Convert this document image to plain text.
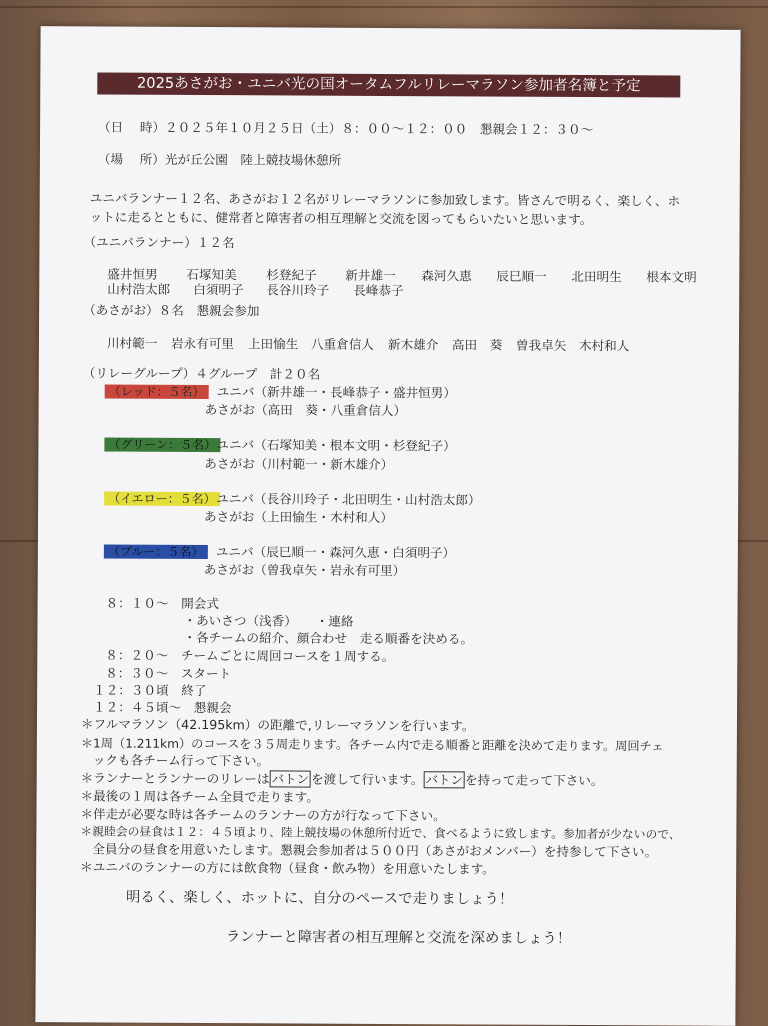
2025あさがお・ユニバ光の国オータムフルリレーマラソン参加者名簿と予定
（日　 時）２０２５年１０月２５日（土）８：００～１２：００　懇親会１２：３０～
（場　 所）光が丘公園　陸上競技場休憩所
ユニバランナー１２名、あさがお１２名がリレーマラソンに参加致します。皆さんで明るく、楽しく、ホ
ットに走るとともに、健常者と障害者の相互理解と交流を図ってもらいたいと思います。
（ユニバランナー）１２名
盛井恒男 石塚知美 杉登紀子 新井雄一 森河久恵 辰巳順一 北田明生 根本文明
山村浩太郎 白須明子 長谷川玲子 長峰恭子
（あさがお）８名　懇親会参加
川村範一 岩永有可里 上田愉生 八重倉信人 新木雄介 高田　葵 曽我卓矢 木村和人
（リレーグループ）４グループ　計２０名
（レッド：５名） ユニバ（新井雄一・長峰恭子・盛井恒男）
あさがお（高田　葵・八重倉信人）
（グリーン：５名） ユニバ（石塚知美・根本文明・杉登紀子）
あさがお（川村範一・新木雄介）
（イエロー：５名） ユニバ（長谷川玲子・北田明生・山村浩太郎）
あさがお（上田愉生・木村和人）
（ブルー：５名） ユニバ（辰巳順一・森河久恵・白須明子）
あさがお（曽我卓矢・岩永有可里）
８：１０～　開会式
・あいさつ（浅香）　　・連絡
・各チームの紹介、顔合わせ　走る順番を決める。
８：２０～　チームごとに周回コースを１周する。
８：３０～　スタート
１２：３０頃　終了
１２：４５頃～　懇親会
＊フルマラソン（42.195km）の距離で,リレーマラソンを行います。
＊1周（1.211km）のコースを３５周走ります。各チーム内で走る順番と距離を決めて走ります。周回チェ
ックも各チーム行って下さい。
＊ランナーとランナーのリレーは バトン を渡して行います。 バトン を持って走って下さい。
＊最後の１周は各チーム全員で走ります。
＊伴走が必要な時は各チームのランナーの方が行なって下さい。
＊親睦会の昼食は１２：４５頃より、陸上競技場の休憩所付近で、食べるように致します。参加者が少ないので、
全員分の昼食を用意いたします。懇親会参加者は５００円（あさがおメンバー）を持参して下さい。
＊ユニバのランナーの方には飲食物（昼食・飲み物）を用意いたします。
明るく、楽しく、ホットに、自分のペースで走りましょう！
ランナーと障害者の相互理解と交流を深めましょう！
